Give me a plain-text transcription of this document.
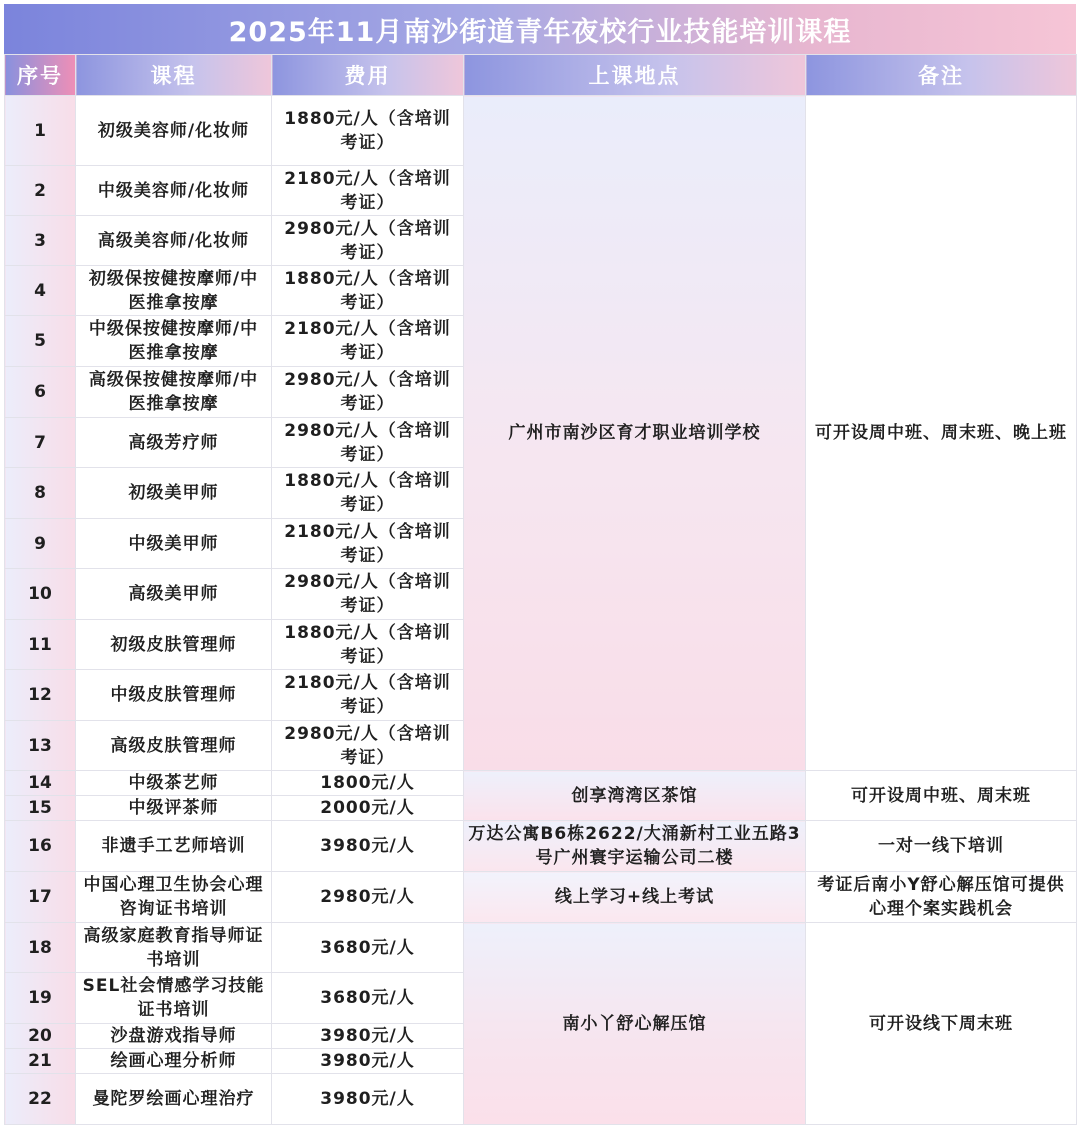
2025年11月南沙街道青年夜校行业技能培训课程
序号	课程	费用	上课地点	备注
1	初级美容师/化妆师	1880元/人（含培训考证）	广州市南沙区育才职业培训学校	可开设周中班、周末班、晚上班
2	中级美容师/化妆师	2180元/人（含培训考证）		
3	高级美容师/化妆师	2980元/人（含培训考证）		
4	初级保按健按摩师/中医推拿按摩	1880元/人（含培训考证）		
5	中级保按健按摩师/中医推拿按摩	2180元/人（含培训考证）		
6	高级保按健按摩师/中医推拿按摩	2980元/人（含培训考证）		
7	高级芳疗师	2980元/人（含培训考证）		
8	初级美甲师	1880元/人（含培训考证）		
9	中级美甲师	2180元/人（含培训考证）		
10	高级美甲师	2980元/人（含培训考证）		
11	初级皮肤管理师	1880元/人（含培训考证）		
12	中级皮肤管理师	2180元/人（含培训考证）		
13	高级皮肤管理师	2980元/人（含培训考证）		
14	中级茶艺师	1800元/人	创享湾湾区茶馆	可开设周中班、周末班
15	中级评茶师	2000元/人		
16	非遗手工艺师培训	3980元/人	万达公寓B6栋2622/大涌新村工业五路3号广州寰宇运输公司二楼	一对一线下培训
17	中国心理卫生协会心理咨询证书培训	2980元/人	线上学习+线上考试	考证后南小Y舒心解压馆可提供心理个案实践机会
18	高级家庭教育指导师证书培训	3680元/人	南小丫舒心解压馆	可开设线下周末班
19	SEL社会情感学习技能证书培训	3680元/人		
20	沙盘游戏指导师	3980元/人		
21	绘画心理分析师	3980元/人		
22	曼陀罗绘画心理治疗	3980元/人		
